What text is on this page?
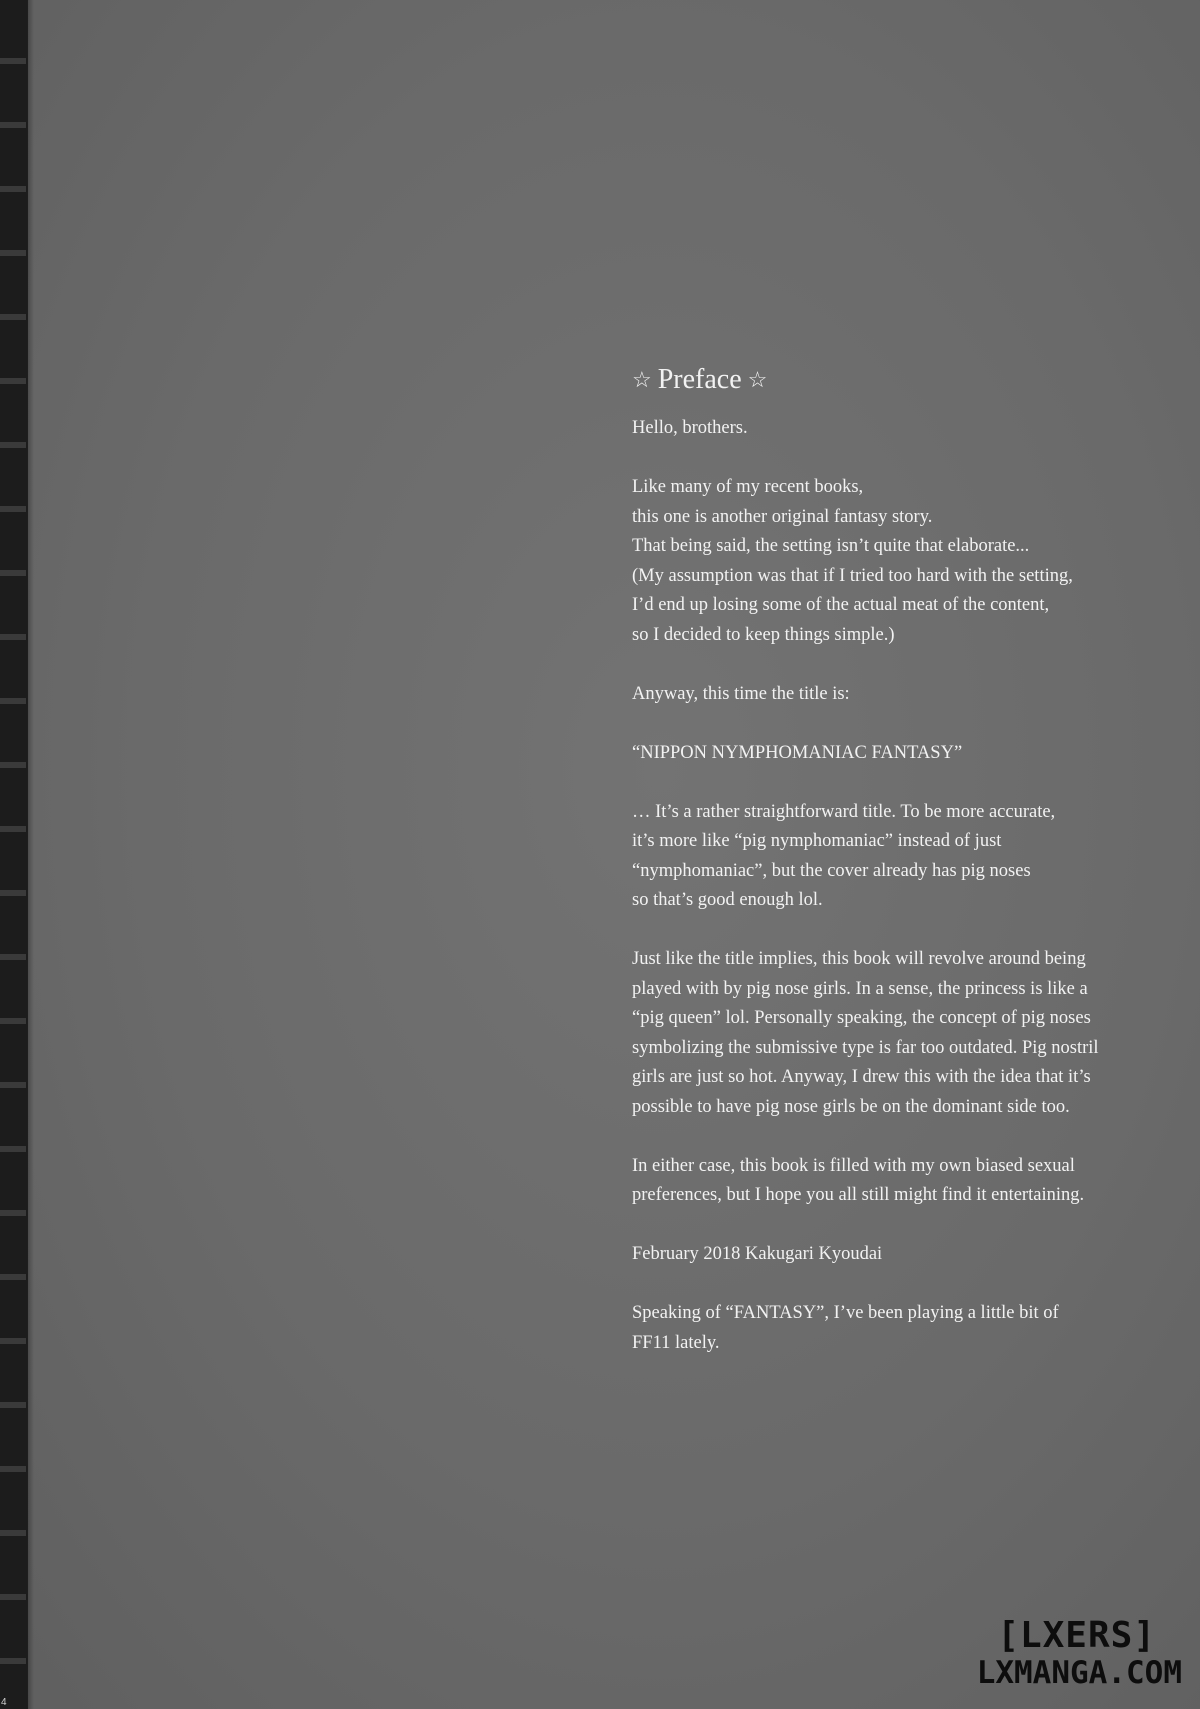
☆ Preface ☆

Hello, brothers.

Like many of my recent books,
this one is another original fantasy story.
That being said, the setting isn’t quite that elaborate...
(My assumption was that if I tried too hard with the setting,
I’d end up losing some of the actual meat of the content,
so I decided to keep things simple.)

Anyway, this time the title is:

“NIPPON NYMPHOMANIAC FANTASY”

… It’s a rather straightforward title. To be more accurate,
it’s more like “pig nymphomaniac” instead of just
“nymphomaniac”, but the cover already has pig noses
so that’s good enough lol.

Just like the title implies, this book will revolve around being
played with by pig nose girls. In a sense, the princess is like a
“pig queen” lol. Personally speaking, the concept of pig noses
symbolizing the submissive type is far too outdated. Pig nostril
girls are just so hot. Anyway, I drew this with the idea that it’s
possible to have pig nose girls be on the dominant side too.

In either case, this book is filled with my own biased sexual
preferences, but I hope you all still might find it entertaining.

February 2018 Kakugari Kyoudai

Speaking of “FANTASY”, I’ve been playing a little bit of
FF11 lately.

4
[LXERS]
LXMANGA.COM
